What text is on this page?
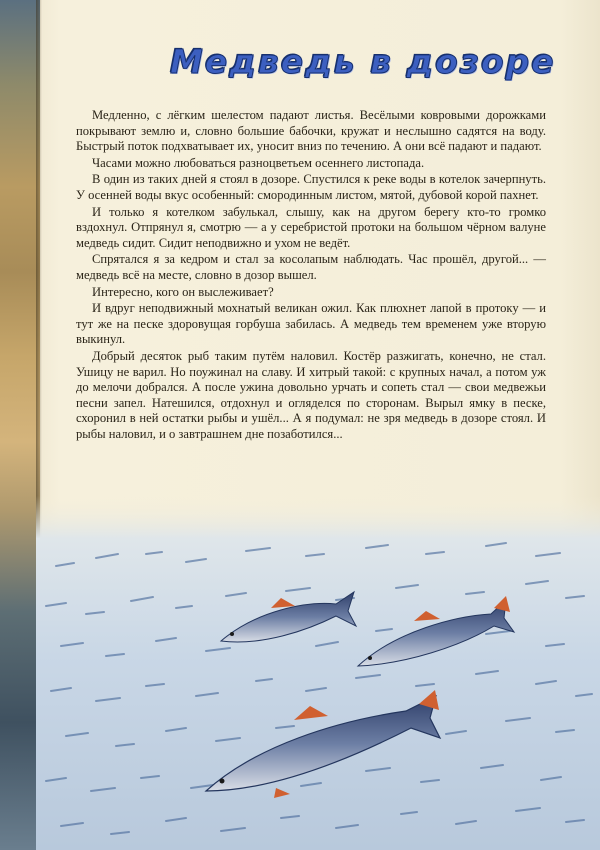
Медведь в дозоре

Медленно, с лёгким шелестом падают листья. Весёлыми ковровыми дорожками покрывают землю и, словно большие бабочки, кружат и неслышно садятся на воду. Быстрый поток подхватывает их, уносит вниз по течению. А они всё падают и падают.

Часами можно любоваться разноцветьем осеннего листопада.

В один из таких дней я стоял в дозоре. Спустился к реке воды в котелок зачерпнуть. У осенней воды вкус особенный: смородинным листом, мятой, дубовой корой пахнет.

И только я котелком забулькал, слышу, как на другом берегу кто-то громко вздохнул. Отпрянул я, смотрю — а у серебристой протоки на большом чёрном валуне медведь сидит. Сидит неподвижно и ухом не ведёт.

Спрятался я за кедром и стал за косолапым наблюдать. Час прошёл, другой... — медведь всё на месте, словно в дозор вышел.

Интересно, кого он выслеживает?

И вдруг неподвижный мохнатый великан ожил. Как плюхнет лапой в протоку — и тут же на песке здоровущая горбуша забилась. А медведь тем временем уже вторую выкинул.

Добрый десяток рыб таким путём наловил. Костёр разжигать, конечно, не стал. Ушицу не варил. Но поужинал на славу. И хитрый такой: с крупных начал, а потом уж до мелочи добрался. А после ужина довольно урчать и сопеть стал — свои медвежьи песни запел. Натешился, отдохнул и огляделся по сторонам. Вырыл ямку в песке, схоронил в ней остатки рыбы и ушёл... А я подумал: не зря медведь в дозоре стоял. И рыбы наловил, и о завтрашнем дне позаботился...
